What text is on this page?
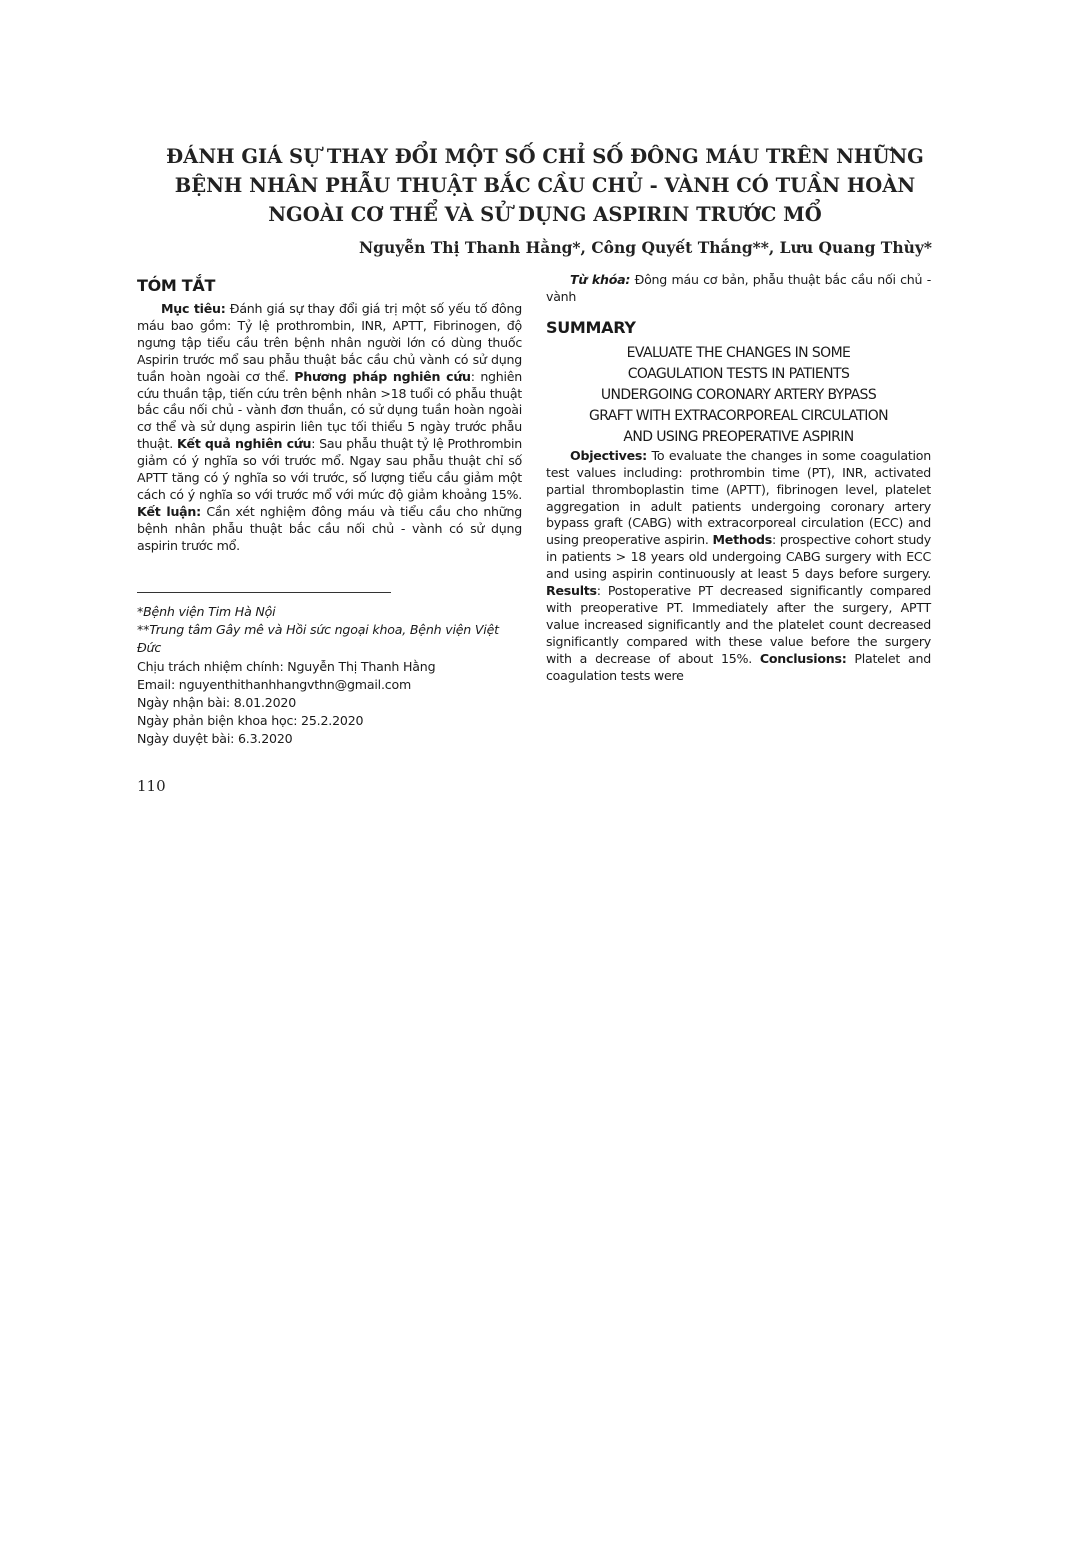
ĐÁNH GIÁ SỰ THAY ĐỔI MỘT SỐ CHỈ SỐ ĐÔNG MÁU TRÊN NHỮNG
BỆNH NHÂN PHẪU THUẬT BẮC CẦU CHỦ - VÀNH CÓ TUẦN HOÀN
NGOÀI CƠ THỂ VÀ SỬ DỤNG ASPIRIN TRƯỚC MỔ
Nguyễn Thị Thanh Hằng*, Công Quyết Thắng**, Lưu Quang Thùy*
TÓM TẮT

Mục tiêu: Đánh giá sự thay đổi giá trị một số yếu tố đông máu bao gồm: Tỷ lệ prothrombin, INR, APTT, Fibrinogen, độ ngưng tập tiểu cầu trên bệnh nhân người lớn có dùng thuốc Aspirin trước mổ sau phẫu thuật bắc cầu chủ vành có sử dụng tuần hoàn ngoài cơ thể. Phương pháp nghiên cứu: nghiên cứu thuần tập, tiến cứu trên bệnh nhân >18 tuổi có phẫu thuật bắc cầu nối chủ - vành đơn thuần, có sử dụng tuần hoàn ngoài cơ thể và sử dụng aspirin liên tục tối thiểu 5 ngày trước phẫu thuật. Kết quả nghiên cứu: Sau phẫu thuật tỷ lệ Prothrombin giảm có ý nghĩa so với trước mổ. Ngay sau phẫu thuật chỉ số APTT tăng có ý nghĩa so với trước, số lượng tiểu cầu giảm một cách có ý nghĩa so với trước mổ với mức độ giảm khoảng 15%. Kết luận: Cần xét nghiệm đông máu và tiểu cầu cho những bệnh nhân phẫu thuật bắc cầu nối chủ - vành có sử dụng aspirin trước mổ.

*Bệnh viện Tim Hà Nội
**Trung tâm Gây mê và Hồi sức ngoại khoa, Bệnh viện Việt Đức
Chịu trách nhiệm chính: Nguyễn Thị Thanh Hằng
Email: nguyenthithanhhangvthn@gmail.com
Ngày nhận bài: 8.01.2020
Ngày phản biện khoa học: 25.2.2020
Ngày duyệt bài: 6.3.2020

Từ khóa: Đông máu cơ bản, phẫu thuật bắc cầu nối chủ - vành

SUMMARY
EVALUATE THE CHANGES IN SOME
COAGULATION TESTS IN PATIENTS
UNDERGOING CORONARY ARTERY BYPASS
GRAFT WITH EXTRACORPOREAL CIRCULATION
AND USING PREOPERATIVE ASPIRIN

Objectives: To evaluate the changes in some coagulation test values including: prothrombin time (PT), INR, activated partial thromboplastin time (APTT), fibrinogen level, platelet aggregation in adult patients undergoing coronary artery bypass graft (CABG) with extracorporeal circulation (ECC) and using preoperative aspirin. Methods: prospective cohort study in patients > 18 years old undergoing CABG surgery with ECC and using aspirin continuously at least 5 days before surgery. Results: Postoperative PT decreased significantly compared with preoperative PT. Immediately after the surgery, APTT value increased significantly and the platelet count decreased significantly compared with these value before the surgery with a decrease of about 15%. Conclusions: Platelet and coagulation tests were

110
